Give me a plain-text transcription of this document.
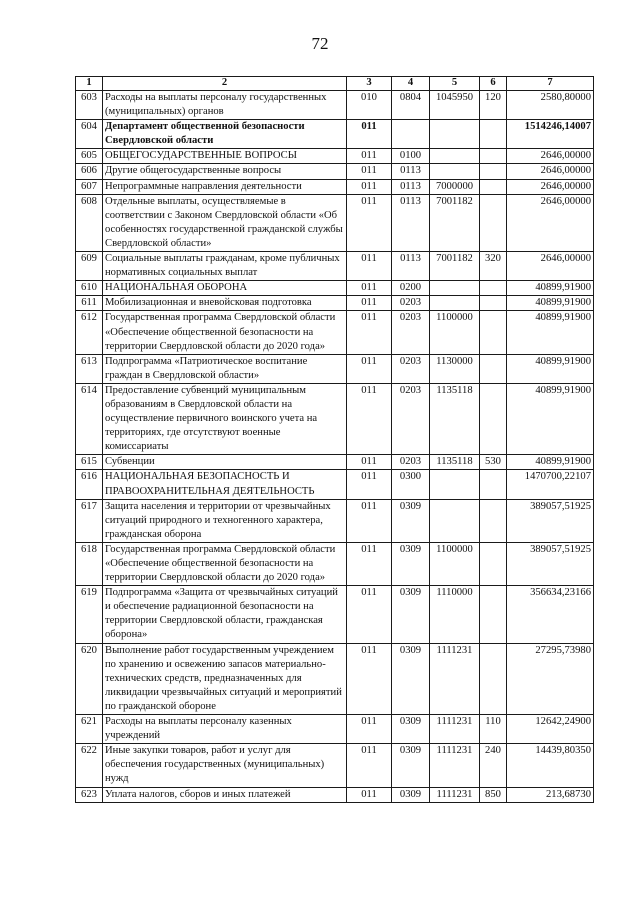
72
1	2	3	4	5	6	7
603	Расходы на выплаты персоналу государственных (муниципальных) органов	010	0804	1045950	120	2580,80000
604	Департамент общественной безопасности Свердловской области	011				1514246,14007
605	ОБЩЕГОСУДАРСТВЕННЫЕ ВОПРОСЫ	011	0100			2646,00000
606	Другие общегосударственные вопросы	011	0113			2646,00000
607	Непрограммные направления деятельности	011	0113	7000000		2646,00000
608	Отдельные выплаты, осуществляемые в соответствии с Законом Свердловской области «Об особенностях государственной гражданской службы Свердловской области»	011	0113	7001182		2646,00000
609	Социальные выплаты гражданам, кроме публичных нормативных социальных выплат	011	0113	7001182	320	2646,00000
610	НАЦИОНАЛЬНАЯ ОБОРОНА	011	0200			40899,91900
611	Мобилизационная и вневойсковая подготовка	011	0203			40899,91900
612	Государственная программа Свердловской области «Обеспечение общественной безопасности на территории Свердловской области до 2020 года»	011	0203	1100000		40899,91900
613	Подпрограмма «Патриотическое воспитание граждан в Свердловской области»	011	0203	1130000		40899,91900
614	Предоставление субвенций муниципальным образованиям в Свердловской области на осуществление первичного воинского учета на территориях, где отсутствуют военные комиссариаты	011	0203	1135118		40899,91900
615	Субвенции	011	0203	1135118	530	40899,91900
616	НАЦИОНАЛЬНАЯ БЕЗОПАСНОСТЬ И ПРАВООХРАНИТЕЛЬНАЯ ДЕЯТЕЛЬНОСТЬ	011	0300			1470700,22107
617	Защита населения и территории от чрезвычайных ситуаций природного и техногенного характера, гражданская оборона	011	0309			389057,51925
618	Государственная программа Свердловской области «Обеспечение общественной безопасности на территории Свердловской области до 2020 года»	011	0309	1100000		389057,51925
619	Подпрограмма «Защита от чрезвычайных ситуаций и обеспечение радиационной безопасности на территории Свердловской области, гражданская оборона»	011	0309	1110000		356634,23166
620	Выполнение работ государственным учреждением по хранению и освежению запасов материально-технических средств, предназначенных для ликвидации чрезвычайных ситуаций и мероприятий по гражданской обороне	011	0309	1111231		27295,73980
621	Расходы на выплаты персоналу казенных учреждений	011	0309	1111231	110	12642,24900
622	Иные закупки товаров, работ и услуг для обеспечения государственных (муниципальных) нужд	011	0309	1111231	240	14439,80350
623	Уплата налогов, сборов и иных платежей	011	0309	1111231	850	213,68730
